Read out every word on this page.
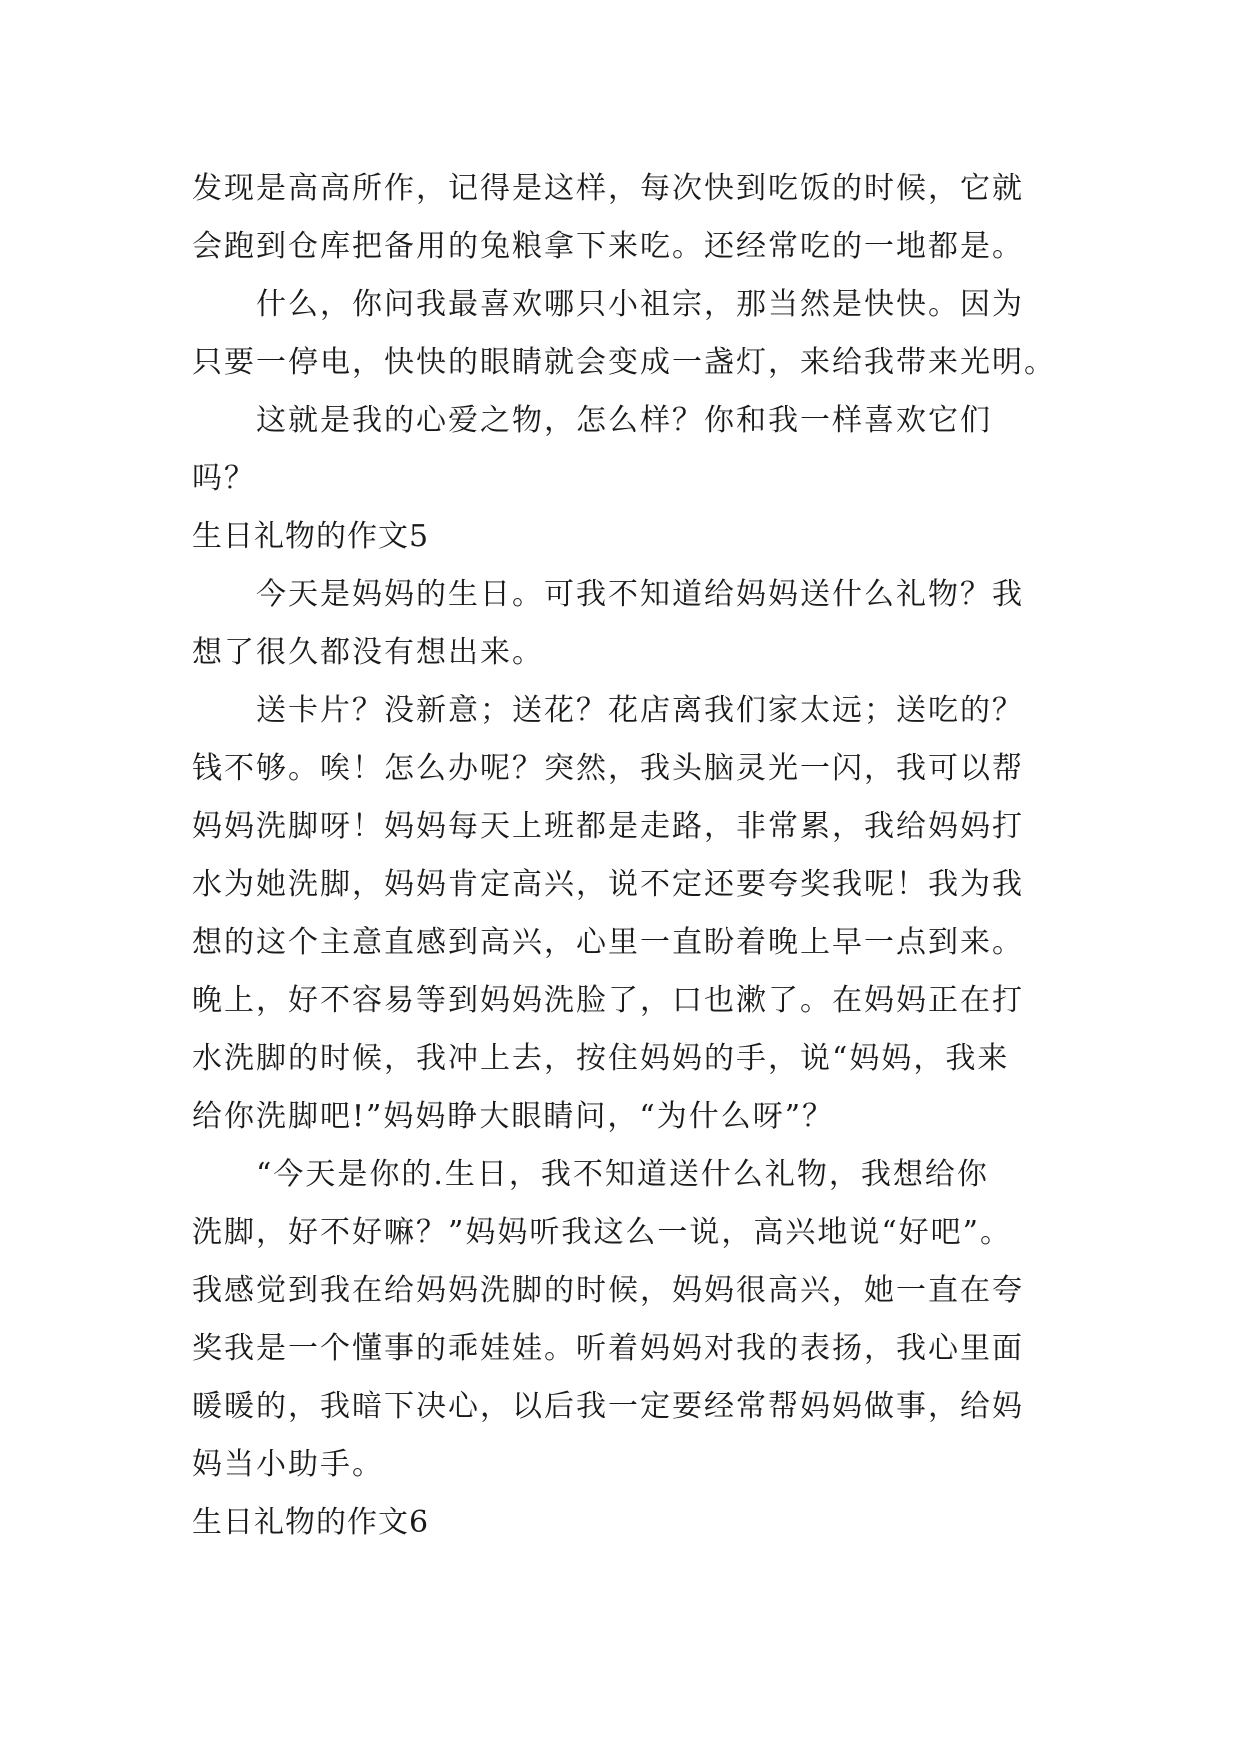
发现是高高所作，记得是这样，每次快到吃饭的时候，它就
会跑到仓库把备用的兔粮拿下来吃。还经常吃的一地都是。
什么，你问我最喜欢哪只小祖宗，那当然是快快。因为
只要一停电，快快的眼睛就会变成一盏灯，来给我带来光明。
这就是我的心爱之物，怎么样？你和我一样喜欢它们
吗？
生日礼物的作文5
今天是妈妈的生日。可我不知道给妈妈送什么礼物？我
想了很久都没有想出来。
送卡片？没新意；送花？花店离我们家太远；送吃的？
钱不够。唉！怎么办呢？突然，我头脑灵光一闪，我可以帮
妈妈洗脚呀！妈妈每天上班都是走路，非常累，我给妈妈打
水为她洗脚，妈妈肯定高兴，说不定还要夸奖我呢！我为我
想的这个主意直感到高兴，心里一直盼着晚上早一点到来。
晚上，好不容易等到妈妈洗脸了，口也漱了。在妈妈正在打
水洗脚的时候，我冲上去，按住妈妈的手，说“妈妈，我来
给你洗脚吧!”妈妈睁大眼睛问，“为什么呀”？
“今天是你的.生日，我不知道送什么礼物，我想给你
洗脚，好不好嘛？”妈妈听我这么一说，高兴地说“好吧”。
我感觉到我在给妈妈洗脚的时候，妈妈很高兴，她一直在夸
奖我是一个懂事的乖娃娃。听着妈妈对我的表扬，我心里面
暖暖的，我暗下决心，以后我一定要经常帮妈妈做事，给妈
妈当小助手。
生日礼物的作文6
